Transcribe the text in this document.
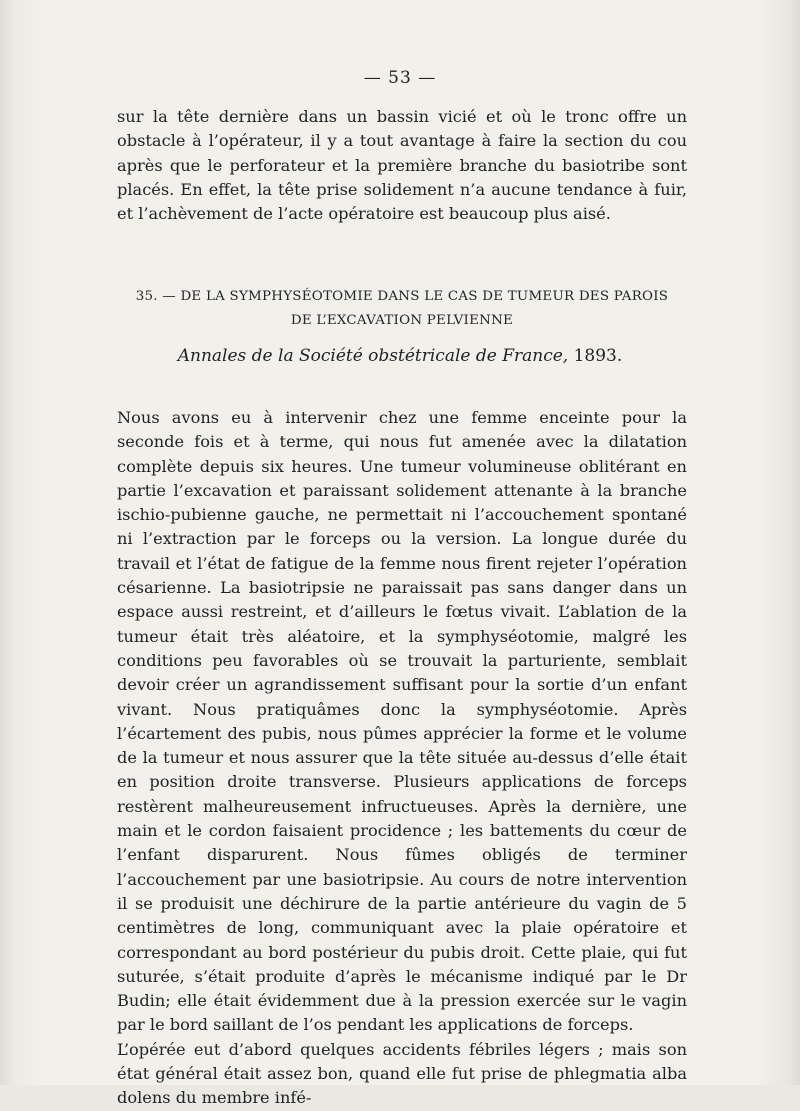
— 53 —

sur la tête dernière dans un bassin vicié et où le tronc offre un obstacle à l’opérateur, il y a tout avantage à faire la section du cou après que le perforateur et la première branche du basiotribe sont placés. En effet, la tête prise solidement n’a aucune tendance à fuir, et l’achèvement de l’acte opératoire est beaucoup plus aisé.

35. — DE LA SYMPHYSÉOTOMIE DANS LE CAS DE TUMEUR DES PAROIS
DE L’EXCAVATION PELVIENNE
Annales de la Société obstétricale de France, 1893.

Nous avons eu à intervenir chez une femme enceinte pour la seconde fois et à terme, qui nous fut amenée avec la dilatation complète depuis six heures. Une tumeur volumineuse oblitérant en partie l’excavation et paraissant solidement attenante à la branche ischio-pubienne gauche, ne permettait ni l’accouchement spontané ni l’extraction par le forceps ou la version. La longue durée du travail et l’état de fatigue de la femme nous firent rejeter l’opération césarienne. La basiotripsie ne paraissait pas sans danger dans un espace aussi restreint, et d’ailleurs le fœtus vivait. L’ablation de la tumeur était très aléatoire, et la symphyséotomie, malgré les conditions peu favorables où se trouvait la parturiente, semblait devoir créer un agrandissement suffisant pour la sortie d’un enfant vivant. Nous pratiquâmes donc la symphyséotomie. Après l’écartement des pubis, nous pûmes apprécier la forme et le volume de la tumeur et nous assurer que la tête située au-dessus d’elle était en position droite transverse. Plusieurs applications de forceps restèrent malheureusement infructueuses. Après la dernière, une main et le cordon faisaient procidence ; les battements du cœur de l’enfant disparurent. Nous fûmes obligés de terminer l’accouchement par une basiotripsie. Au cours de notre intervention il se produisit une déchirure de la partie antérieure du vagin de 5 centimètres de long, communiquant avec la plaie opératoire et correspondant au bord postérieur du pubis droit. Cette plaie, qui fut suturée, s’était produite d’après le mécanisme indiqué par le Dr Budin; elle était évidemment due à la pression exercée sur le vagin par le bord saillant de l’os pendant les applications de forceps.

L’opérée eut d’abord quelques accidents fébriles légers ; mais son état général était assez bon, quand elle fut prise de phlegmatia alba dolens du membre infé-
